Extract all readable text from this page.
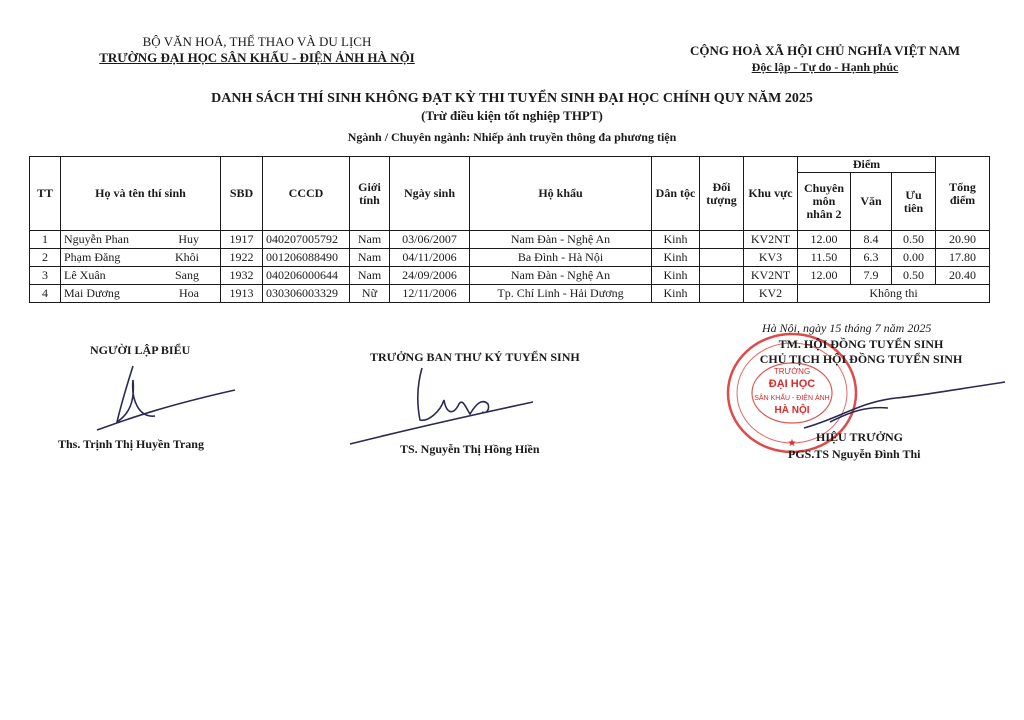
BỘ VĂN HOÁ, THỂ THAO VÀ DU LỊCH
TRƯỜNG ĐẠI HỌC SÂN KHẤU - ĐIỆN ẢNH HÀ NỘI	CỘNG HOÀ XÃ HỘI CHỦ NGHĨA VIỆT NAM
Độc lập - Tự do - Hạnh phúc
DANH SÁCH THÍ SINH KHÔNG ĐẠT KỲ THI TUYỂN SINH ĐẠI HỌC CHÍNH QUY NĂM 2025
(Trừ điều kiện tốt nghiệp THPT)
Ngành / Chuyên ngành: Nhiếp ảnh truyền thông đa phương tiện
TT	Họ và tên thí sinh	SBD	CCCD	Giới tính	Ngày sinh	Hộ khẩu	Dân tộc	Đối tượng	Khu vực	Điểm			Tổng điểm
										Chuyên môn nhân 2	Văn	Ưu tiên	
1	Nguyễn Phan Huy	1917	040207005792	Nam	03/06/2007	Nam Đàn - Nghệ An	Kinh		KV2NT	12.00	8.4	0.50	20.90
2	Phạm Đăng Khôi	1922	001206088490	Nam	04/11/2006	Ba Đình - Hà Nội	Kinh		KV3	11.50	6.3	0.00	17.80
3	Lê Xuân Sang	1932	040206000644	Nam	24/09/2006	Nam Đàn - Nghệ An	Kinh		KV2NT	12.00	7.9	0.50	20.40
4	Mai Dương Hoa	1913	030306003329	Nữ	12/11/2006	Tp. Chí Linh - Hải Dương	Kinh		KV2	Không thi			
Hà Nội, ngày 15 tháng 7 năm 2025
TRƯỜNG
ĐẠI HỌC
SÂN KHẤU - ĐIỆN ẢNH
HÀ NỘI
★
NGƯỜI LẬP BIỂU
Ths. Trịnh Thị Huyền Trang
TRƯỞNG BAN THƯ KÝ TUYỂN SINH
TS. Nguyễn Thị Hồng Hiền
TM. HỘI ĐỒNG TUYỂN SINH
CHỦ TỊCH HỘI ĐỒNG TUYỂN SINH
HIỆU TRƯỞNG
PGS.TS Nguyễn Đình Thi
